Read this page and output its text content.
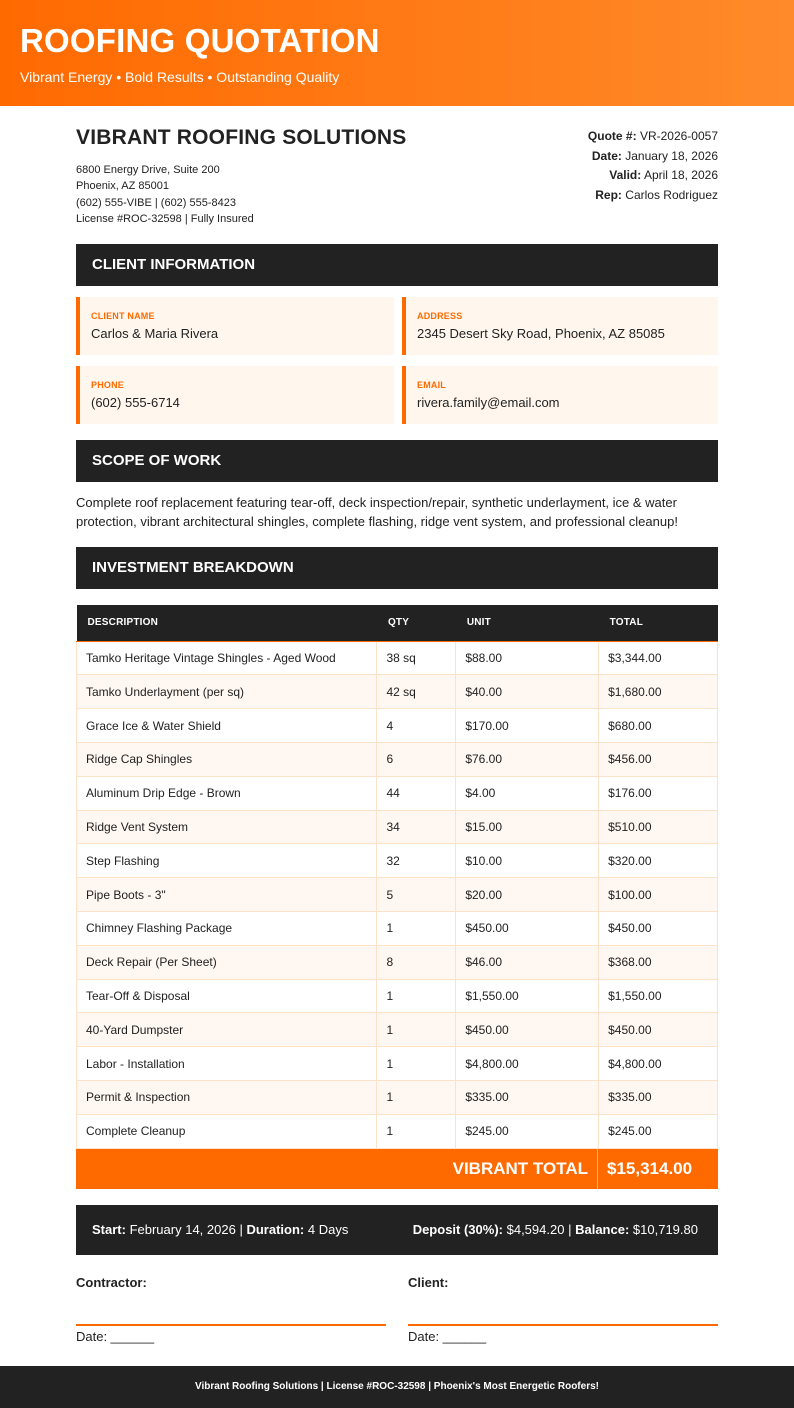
ROOFING QUOTATION
Vibrant Energy • Bold Results • Outstanding Quality
VIBRANT ROOFING SOLUTIONS
6800 Energy Drive, Suite 200
Phoenix, AZ 85001
(602) 555-VIBE | (602) 555-8423
License #ROC-32598 | Fully Insured
Quote #: VR-2026-0057
Date: January 18, 2026
Valid: April 18, 2026
Rep: Carlos Rodriguez
CLIENT INFORMATION
CLIENT NAME
Carlos & Maria Rivera
ADDRESS
2345 Desert Sky Road, Phoenix, AZ 85085
PHONE
(602) 555-6714
EMAIL
rivera.family@email.com
SCOPE OF WORK

Complete roof replacement featuring tear-off, deck inspection/repair, synthetic underlayment, ice & water protection, vibrant architectural shingles, complete flashing, ridge vent system, and professional cleanup!

INVESTMENT BREAKDOWN
DESCRIPTION	QTY	UNIT	TOTAL
Tamko Heritage Vintage Shingles - Aged Wood	38 sq	$88.00	$3,344.00
Tamko Underlayment (per sq)	42 sq	$40.00	$1,680.00
Grace Ice & Water Shield	4	$170.00	$680.00
Ridge Cap Shingles	6	$76.00	$456.00
Aluminum Drip Edge - Brown	44	$4.00	$176.00
Ridge Vent System	34	$15.00	$510.00
Step Flashing	32	$10.00	$320.00
Pipe Boots - 3"	5	$20.00	$100.00
Chimney Flashing Package	1	$450.00	$450.00
Deck Repair (Per Sheet)	8	$46.00	$368.00
Tear-Off & Disposal	1	$1,550.00	$1,550.00
40-Yard Dumpster	1	$450.00	$450.00
Labor - Installation	1	$4,800.00	$4,800.00
Permit & Inspection	1	$335.00	$335.00
Complete Cleanup	1	$245.00	$245.00
VIBRANT TOTAL	$15,314.00
Start: February 14, 2026 | Duration: 4 Days	Deposit (30%): $4,594.20 | Balance: $10,719.80
Contractor:
Date: ______
Client:
Date: ______
Vibrant Roofing Solutions | License #ROC-32598 | Phoenix's Most Energetic Roofers!
